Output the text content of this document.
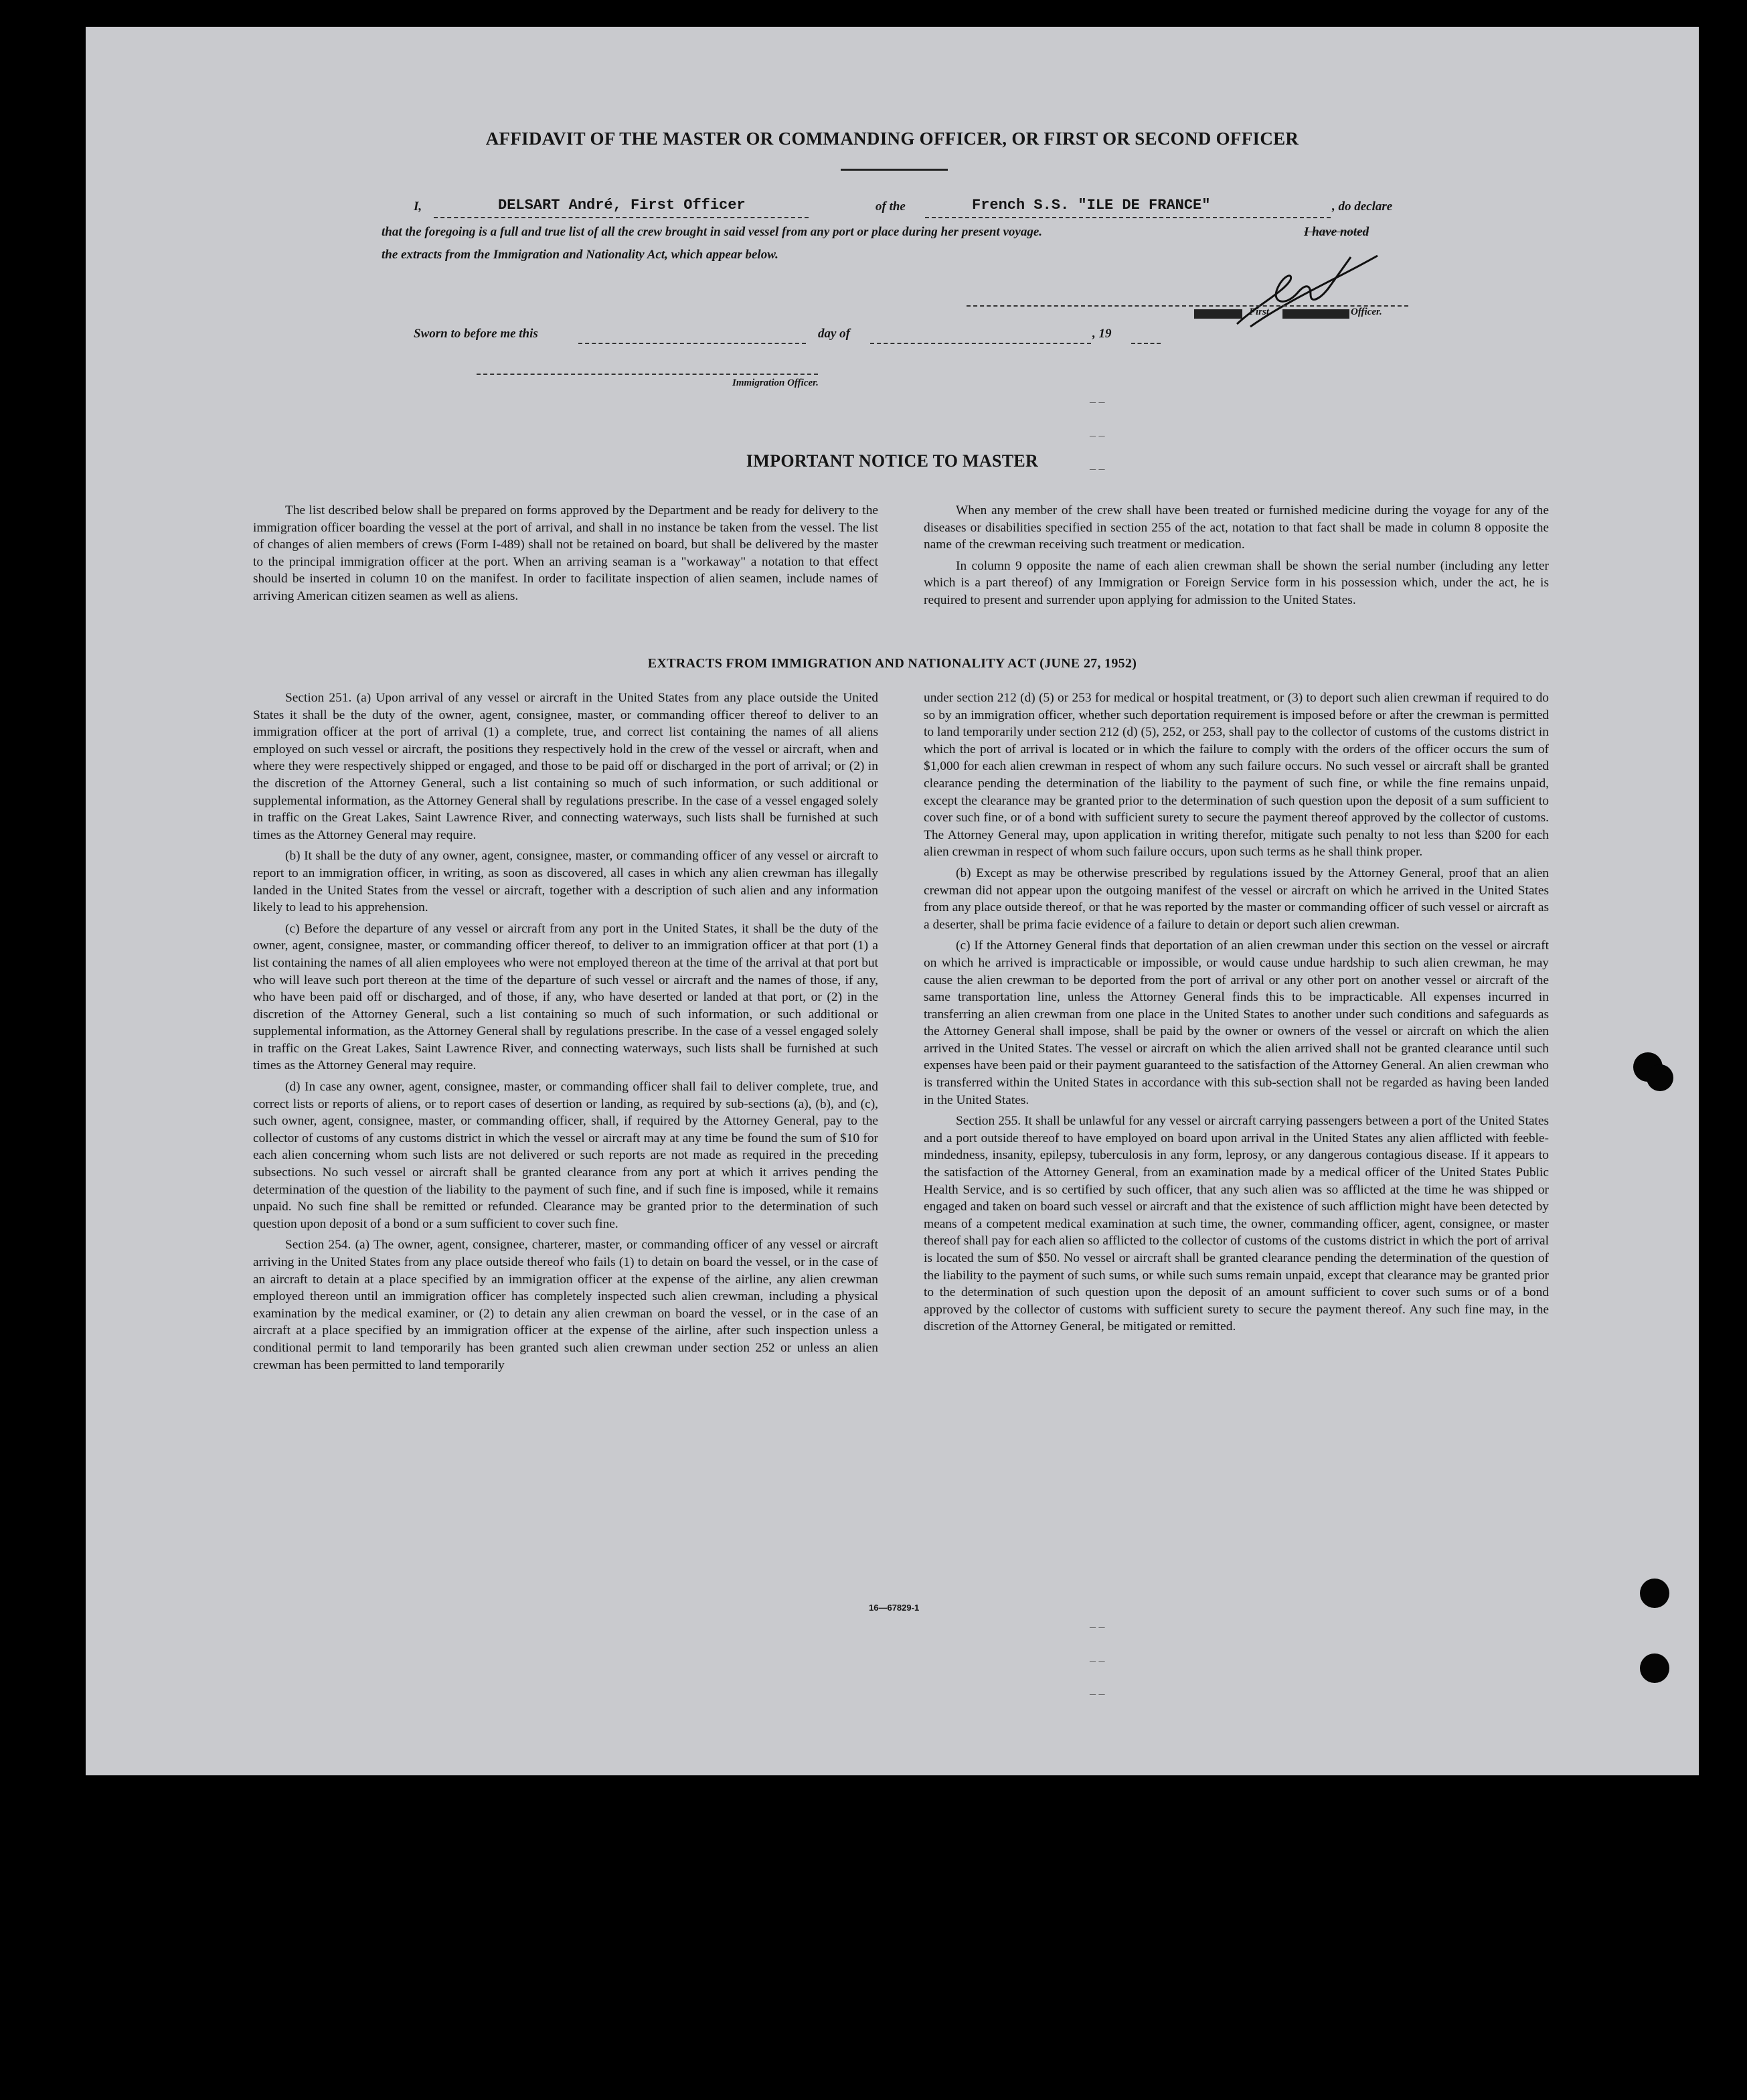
AFFIDAVIT OF THE MASTER OR COMMANDING OFFICER, OR FIRST OR SECOND OFFICER
I,	DELSART André, First Officer	of the	French S.S. "ILE DE FRANCE"	, do declare
that the foregoing is a full and true list of all the crew brought in said vessel from any port or place during her present voyage.	I have noted
the extracts from the Immigration and Nationality Act, which appear below.
First	Officer.
Sworn to before me this	day of	, 19
Immigration Officer.
IMPORTANT NOTICE TO MASTER

The list described below shall be prepared on forms approved by the Department and be ready for delivery to the immigration officer boarding the vessel at the port of arrival, and shall in no instance be taken from the vessel. The list of changes of alien members of crews (Form I-489) shall not be retained on board, but shall be delivered by the master to the principal immigration officer at the port. When an arriving seaman is a "workaway" a notation to that effect should be inserted in column 10 on the manifest. In order to facilitate inspection of alien seamen, include names of arriving American citizen seamen as well as aliens.

When any member of the crew shall have been treated or furnished medicine during the voyage for any of the diseases or disabilities specified in section 255 of the act, notation to that fact shall be made in column 8 opposite the name of the crewman receiving such treatment or medication.

In column 9 opposite the name of each alien crewman shall be shown the serial number (including any letter which is a part thereof) of any Immigration or Foreign Service form in his possession which, under the act, he is required to present and surrender upon applying for admission to the United States.

EXTRACTS FROM IMMIGRATION AND NATIONALITY ACT (JUNE 27, 1952)

Section 251. (a) Upon arrival of any vessel or aircraft in the United States from any place outside the United States it shall be the duty of the owner, agent, consignee, master, or commanding officer thereof to deliver to an immigration officer at the port of arrival (1) a complete, true, and correct list containing the names of all aliens employed on such vessel or aircraft, the positions they respectively hold in the crew of the vessel or aircraft, when and where they were respectively shipped or engaged, and those to be paid off or discharged in the port of arrival; or (2) in the discretion of the Attorney General, such a list containing so much of such information, or such additional or supplemental information, as the Attorney General shall by regulations prescribe. In the case of a vessel engaged solely in traffic on the Great Lakes, Saint Lawrence River, and connecting waterways, such lists shall be furnished at such times as the Attorney General may require.

(b) It shall be the duty of any owner, agent, consignee, master, or commanding officer of any vessel or aircraft to report to an immigration officer, in writing, as soon as discovered, all cases in which any alien crewman has illegally landed in the United States from the vessel or aircraft, together with a description of such alien and any information likely to lead to his apprehension.

(c) Before the departure of any vessel or aircraft from any port in the United States, it shall be the duty of the owner, agent, consignee, master, or commanding officer thereof, to deliver to an immigration officer at that port (1) a list containing the names of all alien employees who were not employed thereon at the time of the arrival at that port but who will leave such port thereon at the time of the departure of such vessel or aircraft and the names of those, if any, who have been paid off or discharged, and of those, if any, who have deserted or landed at that port, or (2) in the discretion of the Attorney General, such a list containing so much of such information, or such additional or supplemental information, as the Attorney General shall by regulations prescribe. In the case of a vessel engaged solely in traffic on the Great Lakes, Saint Lawrence River, and connecting waterways, such lists shall be furnished at such times as the Attorney General may require.

(d) In case any owner, agent, consignee, master, or commanding officer shall fail to deliver complete, true, and correct lists or reports of aliens, or to report cases of desertion or landing, as required by sub-sections (a), (b), and (c), such owner, agent, consignee, master, or commanding officer, shall, if required by the Attorney General, pay to the collector of customs of any customs district in which the vessel or aircraft may at any time be found the sum of $10 for each alien concerning whom such lists are not delivered or such reports are not made as required in the preceding subsections. No such vessel or aircraft shall be granted clearance from any port at which it arrives pending the determination of the question of the liability to the payment of such fine, and if such fine is imposed, while it remains unpaid. No such fine shall be remitted or refunded. Clearance may be granted prior to the determination of such question upon deposit of a bond or a sum sufficient to cover such fine.

Section 254. (a) The owner, agent, consignee, charterer, master, or commanding officer of any vessel or aircraft arriving in the United States from any place outside thereof who fails (1) to detain on board the vessel, or in the case of an aircraft to detain at a place specified by an immigration officer at the expense of the airline, any alien crewman employed thereon until an immigration officer has completely inspected such alien crewman, including a physical examination by the medical examiner, or (2) to detain any alien crewman on board the vessel, or in the case of an aircraft at a place specified by an immigration officer at the expense of the airline, after such inspection unless a conditional permit to land temporarily has been granted such alien crewman under section 252 or unless an alien crewman has been permitted to land temporarily

under section 212 (d) (5) or 253 for medical or hospital treatment, or (3) to deport such alien crewman if required to do so by an immigration officer, whether such deportation requirement is imposed before or after the crewman is permitted to land temporarily under section 212 (d) (5), 252, or 253, shall pay to the collector of customs of the customs district in which the port of arrival is located or in which the failure to comply with the orders of the officer occurs the sum of $1,000 for each alien crewman in respect of whom any such failure occurs. No such vessel or aircraft shall be granted clearance pending the determination of the liability to the payment of such fine, or while the fine remains unpaid, except the clearance may be granted prior to the determination of such question upon the deposit of a sum sufficient to cover such fine, or of a bond with sufficient surety to secure the payment thereof approved by the collector of customs. The Attorney General may, upon application in writing therefor, mitigate such penalty to not less than $200 for each alien crewman in respect of whom such failure occurs, upon such terms as he shall think proper.

(b) Except as may be otherwise prescribed by regulations issued by the Attorney General, proof that an alien crewman did not appear upon the outgoing manifest of the vessel or aircraft on which he arrived in the United States from any place outside thereof, or that he was reported by the master or commanding officer of such vessel or aircraft as a deserter, shall be prima facie evidence of a failure to detain or deport such alien crewman.

(c) If the Attorney General finds that deportation of an alien crewman under this section on the vessel or aircraft on which he arrived is impracticable or impossible, or would cause undue hardship to such alien crewman, he may cause the alien crewman to be deported from the port of arrival or any other port on another vessel or aircraft of the same transportation line, unless the Attorney General finds this to be impracticable. All expenses incurred in transferring an alien crewman from one place in the United States to another under such conditions and safeguards as the Attorney General shall impose, shall be paid by the owner or owners of the vessel or aircraft on which the alien arrived in the United States. The vessel or aircraft on which the alien arrived shall not be granted clearance until such expenses have been paid or their payment guaranteed to the satisfaction of the Attorney General. An alien crewman who is transferred within the United States in accordance with this sub-section shall not be regarded as having been landed in the United States.

Section 255. It shall be unlawful for any vessel or aircraft carrying passengers between a port of the United States and a port outside thereof to have employed on board upon arrival in the United States any alien afflicted with feeble-mindedness, insanity, epilepsy, tuberculosis in any form, leprosy, or any dangerous contagious disease. If it appears to the satisfaction of the Attorney General, from an examination made by a medical officer of the United States Public Health Service, and is so certified by such officer, that any such alien was so afflicted at the time he was shipped or engaged and taken on board such vessel or aircraft and that the existence of such affliction might have been detected by means of a competent medical examination at such time, the owner, commanding officer, agent, consignee, or master thereof shall pay for each alien so afflicted to the collector of customs of the customs district in which the port of arrival is located the sum of $50. No vessel or aircraft shall be granted clearance pending the determination of the question of the liability to the payment of such sums, or while such sums remain unpaid, except that clearance may be granted prior to the determination of such question upon the deposit of an amount sufficient to cover such sums or of a bond approved by the collector of customs with sufficient surety to secure the payment thereof. Any such fine may, in the discretion of the Attorney General, be mitigated or remitted.

16—67829-1
– –
– –
– –
– –
– –
– –
